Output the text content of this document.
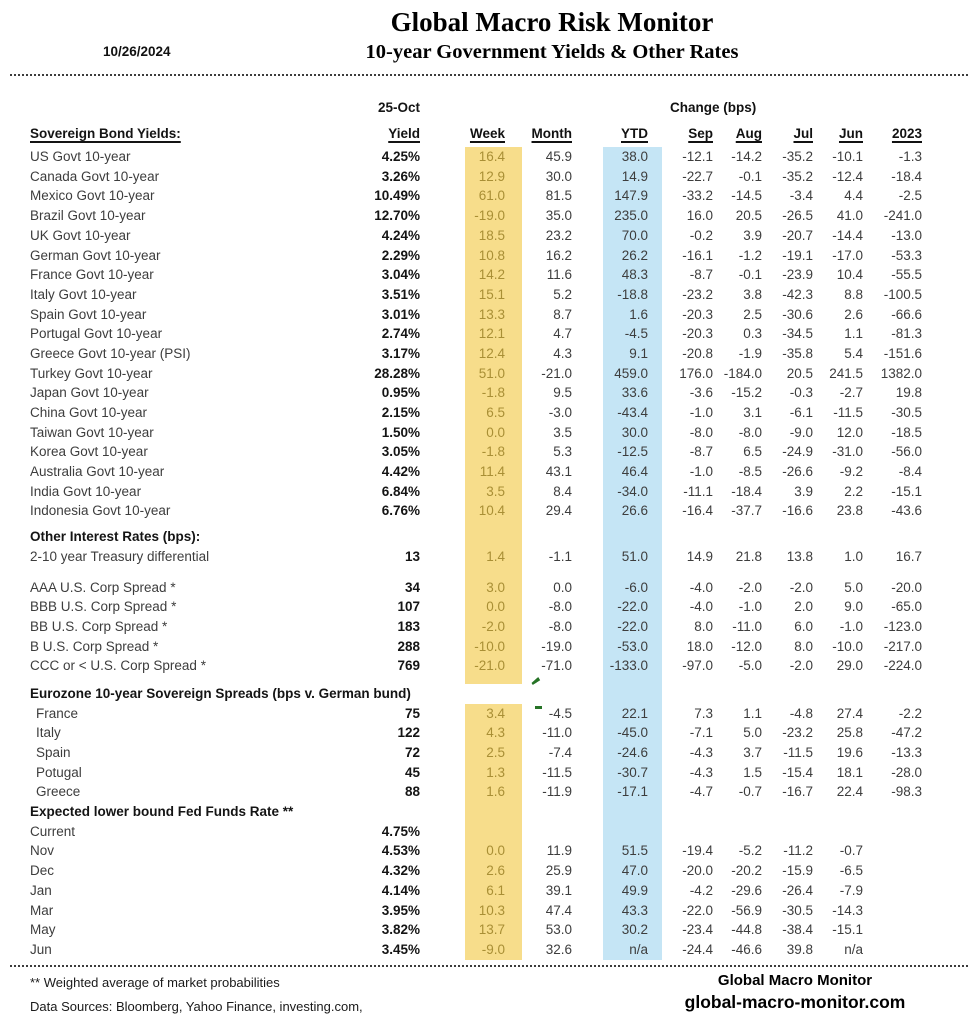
10/26/2024
Global Macro Risk Monitor
10-year Government Yields & Other Rates
	25-Oct							Change (bps)					
Sovereign Bond Yields:	Yield		Week	Month		YTD		Sep	Aug	Jul	Jun	2023	
US Govt 10-year	4.25%		16.4	45.9		38.0		-12.1	-14.2	-35.2	-10.1	-1.3	
Canada Govt 10-year	3.26%		12.9	30.0		14.9		-22.7	-0.1	-35.2	-12.4	-18.4	
Mexico Govt 10-year	10.49%		61.0	81.5		147.9		-33.2	-14.5	-3.4	4.4	-2.5	
Brazil Govt 10-year	12.70%		-19.0	35.0		235.0		16.0	20.5	-26.5	41.0	-241.0	
UK Govt 10-year	4.24%		18.5	23.2		70.0		-0.2	3.9	-20.7	-14.4	-13.0	
German Govt 10-year	2.29%		10.8	16.2		26.2		-16.1	-1.2	-19.1	-17.0	-53.3	
France Govt 10-year	3.04%		14.2	11.6		48.3		-8.7	-0.1	-23.9	10.4	-55.5	
Italy Govt 10-year	3.51%		15.1	5.2		-18.8		-23.2	3.8	-42.3	8.8	-100.5	
Spain Govt 10-year	3.01%		13.3	8.7		1.6		-20.3	2.5	-30.6	2.6	-66.6	
Portugal Govt 10-year	2.74%		12.1	4.7		-4.5		-20.3	0.3	-34.5	1.1	-81.3	
Greece Govt 10-year (PSI)	3.17%		12.4	4.3		9.1		-20.8	-1.9	-35.8	5.4	-151.6	
Turkey Govt 10-year	28.28%		51.0	-21.0		459.0		176.0	-184.0	20.5	241.5	1382.0	
Japan Govt 10-year	0.95%		-1.8	9.5		33.6		-3.6	-15.2	-0.3	-2.7	19.8	
China Govt 10-year	2.15%		6.5	-3.0		-43.4		-1.0	3.1	-6.1	-11.5	-30.5	
Taiwan Govt 10-year	1.50%		0.0	3.5		30.0		-8.0	-8.0	-9.0	12.0	-18.5	
Korea Govt 10-year	3.05%		-1.8	5.3		-12.5		-8.7	6.5	-24.9	-31.0	-56.0	
Australia Govt 10-year	4.42%		11.4	43.1		46.4		-1.0	-8.5	-26.6	-9.2	-8.4	
India Govt 10-year	6.84%		3.5	8.4		-34.0		-11.1	-18.4	3.9	2.2	-15.1	
Indonesia Govt 10-year	6.76%		10.4	29.4		26.6		-16.4	-37.7	-16.6	23.8	-43.6	

Other Interest Rates (bps):													
2-10 year Treasury differential	13		1.4	-1.1		51.0		14.9	21.8	13.8	1.0	16.7	

AAA U.S. Corp Spread *	34		3.0	0.0		-6.0		-4.0	-2.0	-2.0	5.0	-20.0	
BBB U.S. Corp Spread *	107		0.0	-8.0		-22.0		-4.0	-1.0	2.0	9.0	-65.0	
BB U.S. Corp Spread *	183		-2.0	-8.0		-22.0		8.0	-11.0	6.0	-1.0	-123.0	
B U.S. Corp Spread *	288		-10.0	-19.0		-53.0		18.0	-12.0	8.0	-10.0	-217.0	
CCC or < U.S. Corp Spread *	769		-21.0	-71.0		-133.0		-97.0	-5.0	-2.0	29.0	-224.0	

Eurozone 10-year Sovereign Spreads (bps v. German bund)													
France	75		3.4	-4.5		22.1		7.3	1.1	-4.8	27.4	-2.2	
Italy	122		4.3	-11.0		-45.0		-7.1	5.0	-23.2	25.8	-47.2	
Spain	72		2.5	-7.4		-24.6		-4.3	3.7	-11.5	19.6	-13.3	
Potugal	45		1.3	-11.5		-30.7		-4.3	1.5	-15.4	18.1	-28.0	
Greece	88		1.6	-11.9		-17.1		-4.7	-0.7	-16.7	22.4	-98.3	
Expected lower bound Fed Funds Rate **													
Current	4.75%												
Nov	4.53%		0.0	11.9		51.5		-19.4	-5.2	-11.2	-0.7		
Dec	4.32%		2.6	25.9		47.0		-20.0	-20.2	-15.9	-6.5		
Jan	4.14%		6.1	39.1		49.9		-4.2	-29.6	-26.4	-7.9		
Mar	3.95%		10.3	47.4		43.3		-22.0	-56.9	-30.5	-14.3		
May	3.82%		13.7	53.0		30.2		-23.4	-44.8	-38.4	-15.1		
Jun	3.45%		-9.0	32.6		n/a		-24.4	-46.6	39.8	n/a		
** Weighted average of market probabilities
Data Sources: Bloomberg, Yahoo Finance, investing.com,
Global Macro Monitor
global-macro-monitor.com
